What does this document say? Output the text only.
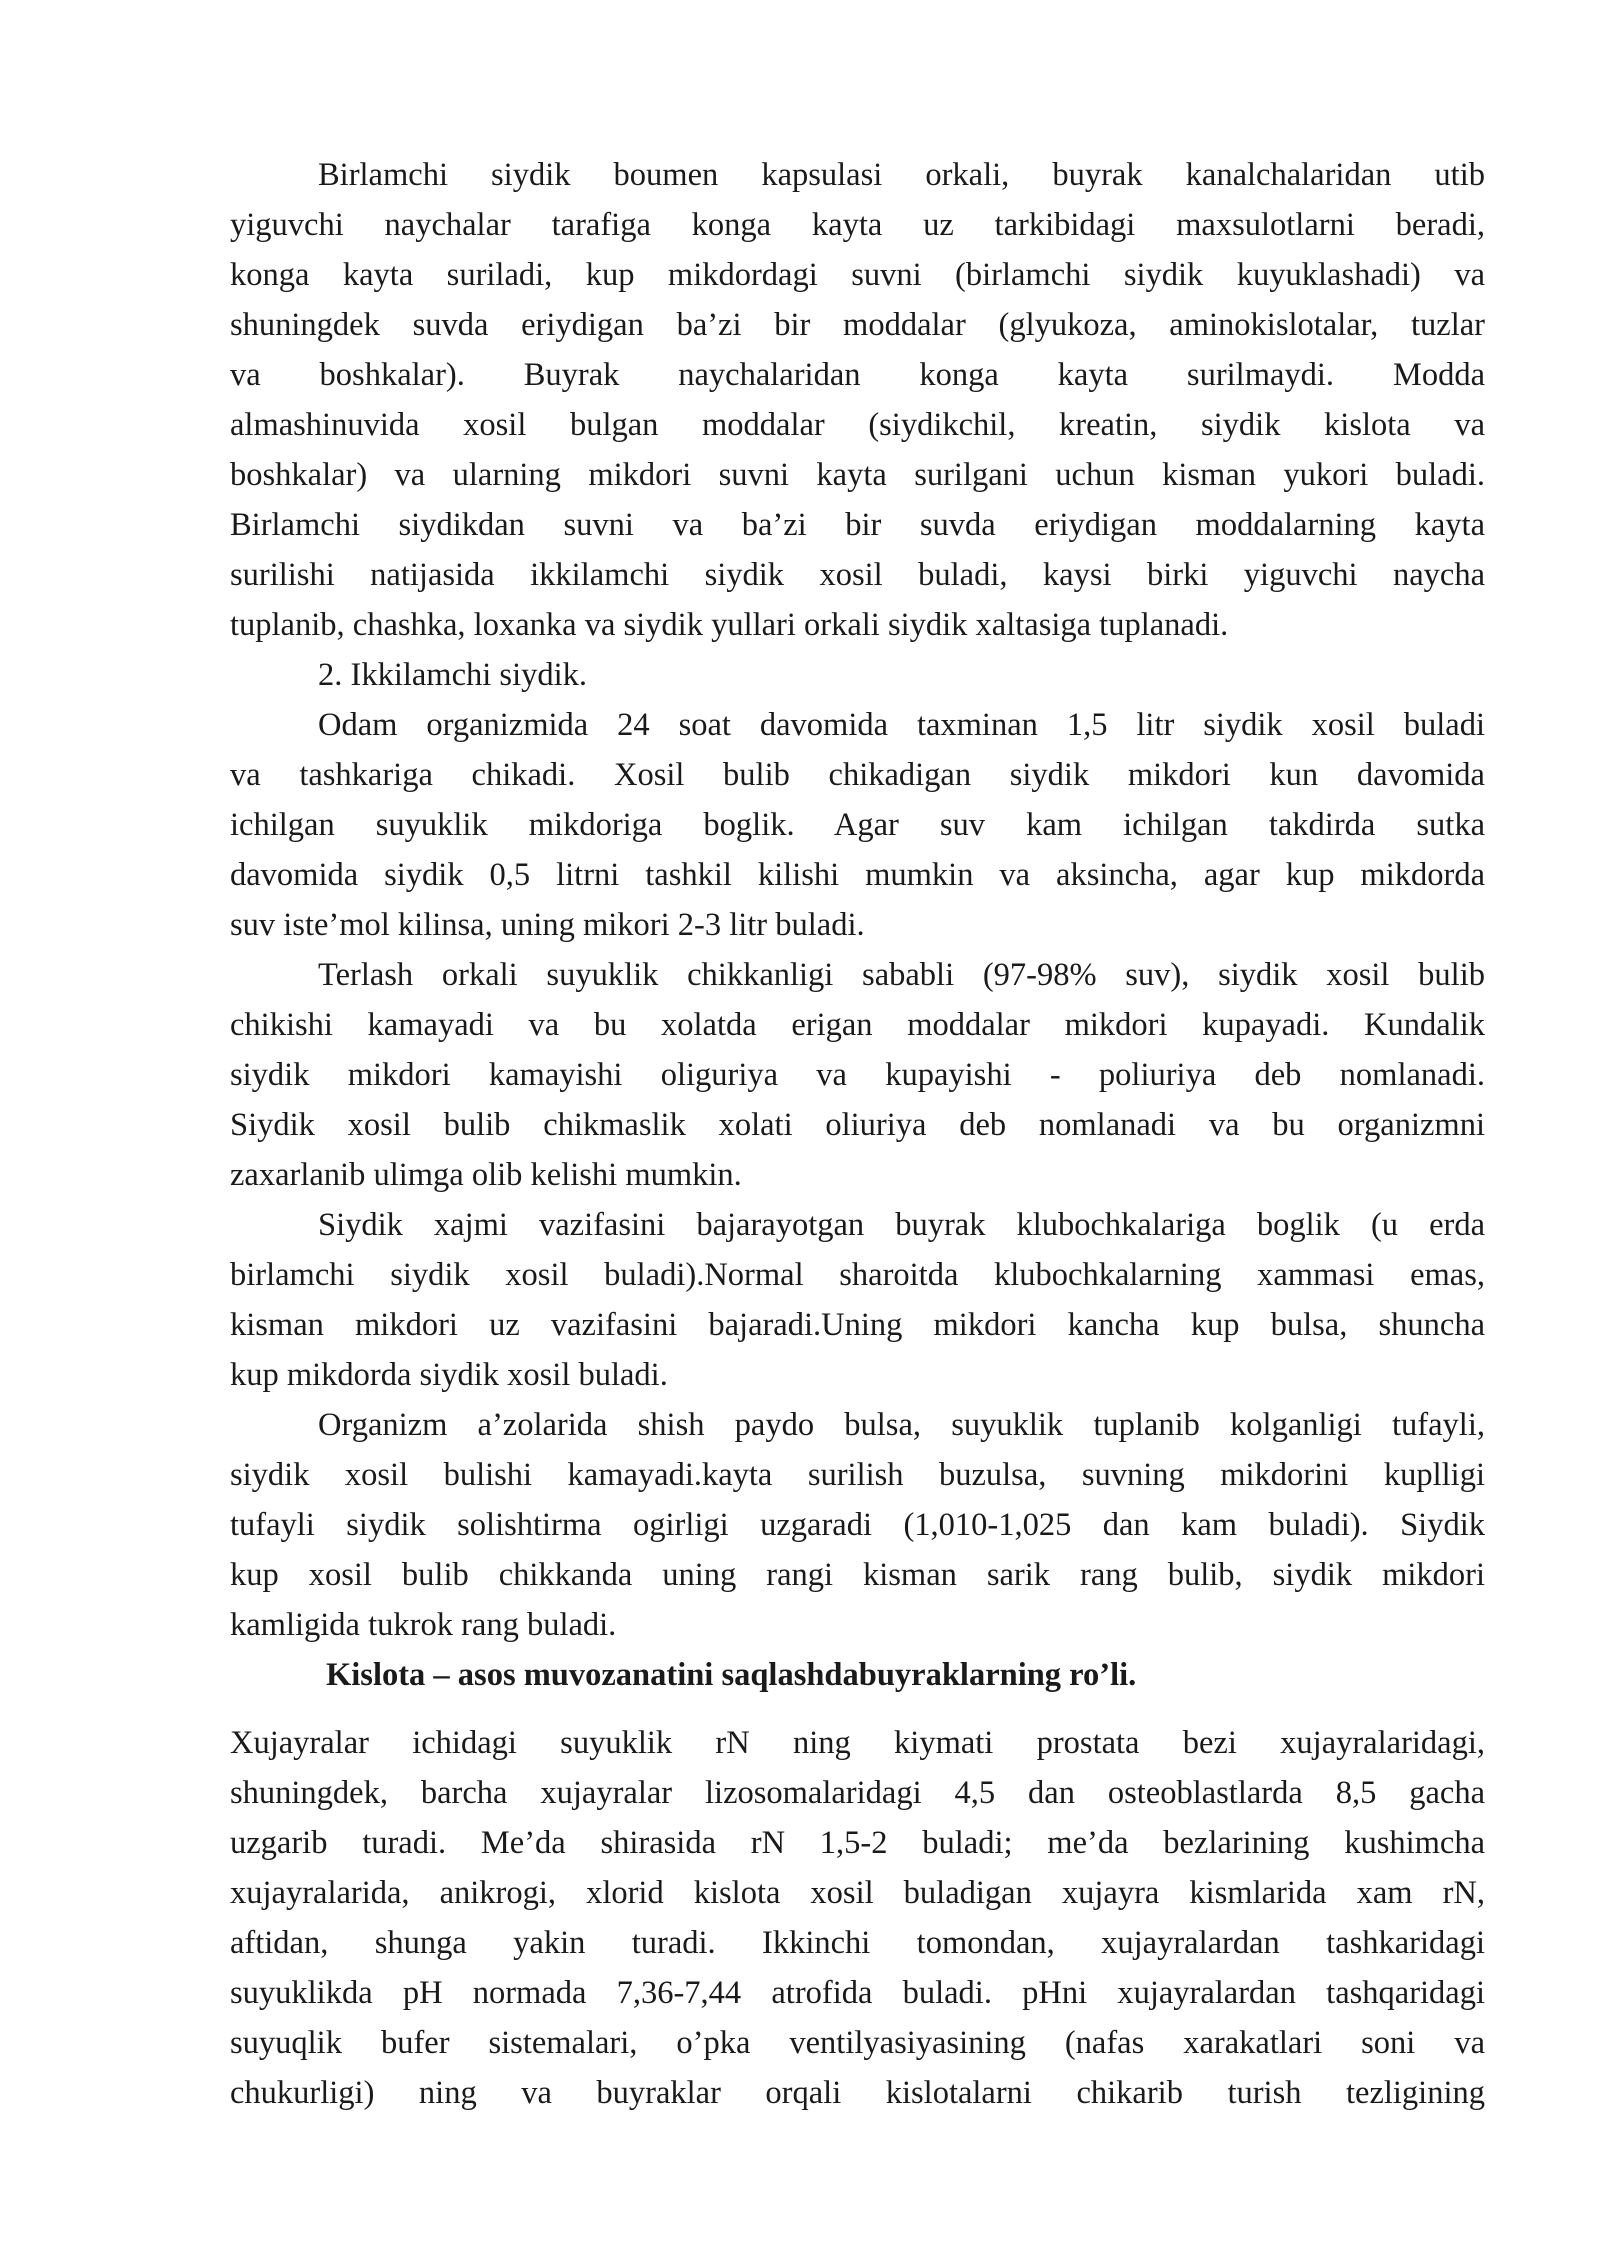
Birlamchi siydik boumen kapsulasi orkali, buyrak kanalchalaridan utib
yiguvchi naychalar tarafiga konga kayta uz tarkibidagi maxsulotlarni beradi,
konga kayta suriladi, kup mikdordagi suvni (birlamchi siydik kuyuklashadi) va
shuningdek suvda eriydigan ba’zi bir moddalar (glyukoza, aminokislotalar, tuzlar
va boshkalar). Buyrak naychalaridan konga kayta surilmaydi. Modda
almashinuvida xosil bulgan moddalar (siydikchil, kreatin, siydik kislota va
boshkalar) va ularning mikdori suvni kayta surilgani uchun kisman yukori buladi.
Birlamchi siydikdan suvni va ba’zi bir suvda eriydigan moddalarning kayta
surilishi natijasida ikkilamchi siydik xosil buladi, kaysi birki yiguvchi naycha
tuplanib, chashka, loxanka va siydik yullari orkali siydik xaltasiga tuplanadi.
2. Ikkilamchi siydik.
Odam organizmida 24 soat davomida taxminan 1,5 litr siydik xosil buladi
va tashkariga chikadi. Xosil bulib chikadigan siydik mikdori kun davomida
ichilgan suyuklik mikdoriga boglik. Agar suv kam ichilgan takdirda sutka
davomida siydik 0,5 litrni tashkil kilishi mumkin va aksincha, agar kup mikdorda
suv iste’mol kilinsa, uning mikori 2-3 litr buladi.
Terlash orkali suyuklik chikkanligi sababli (97-98% suv), siydik xosil bulib
chikishi kamayadi va bu xolatda erigan moddalar mikdori kupayadi. Kundalik
siydik mikdori kamayishi oliguriya va kupayishi - poliuriya deb nomlanadi.
Siydik xosil bulib chikmaslik xolati oliuriya deb nomlanadi va bu organizmni
zaxarlanib ulimga olib kelishi mumkin.
Siydik xajmi vazifasini bajarayotgan buyrak klubochkalariga boglik (u erda
birlamchi siydik xosil buladi).Normal sharoitda klubochkalarning xammasi emas,
kisman mikdori uz vazifasini bajaradi.Uning mikdori kancha kup bulsa, shuncha
kup mikdorda siydik xosil buladi.
Organizm a’zolarida shish paydo bulsa, suyuklik tuplanib kolganligi tufayli,
siydik xosil bulishi kamayadi.kayta surilish buzulsa, suvning mikdorini kuplligi
tufayli siydik solishtirma ogirligi uzgaradi (1,010-1,025 dan kam buladi). Siydik
kup xosil bulib chikkanda uning rangi kisman sarik rang bulib, siydik mikdori
kamligida tukrok rang buladi.
Kislota – asos muvozanatini saqlashdabuyraklarning ro’li.
Xujayralar ichidagi suyuklik rN ning kiymati prostata bezi xujayralaridagi,
shuningdek, barcha xujayralar lizosomalaridagi 4,5 dan osteoblastlarda 8,5 gacha
uzgarib turadi. Me’da shirasida rN 1,5-2 buladi; me’da bezlarining kushimcha
xujayralarida, anikrogi, xlorid kislota xosil buladigan xujayra kismlarida xam rN,
aftidan, shunga yakin turadi. Ikkinchi tomondan, xujayralardan tashkaridagi
suyuklikda pH normada 7,36-7,44 atrofida buladi. pHni xujayralardan tashqaridagi
suyuqlik bufer sistemalari, o’pka ventilyasiyasining (nafas xarakatlari soni va
chukurligi) ning va buyraklar orqali kislotalarni chikarib turish tezligining
